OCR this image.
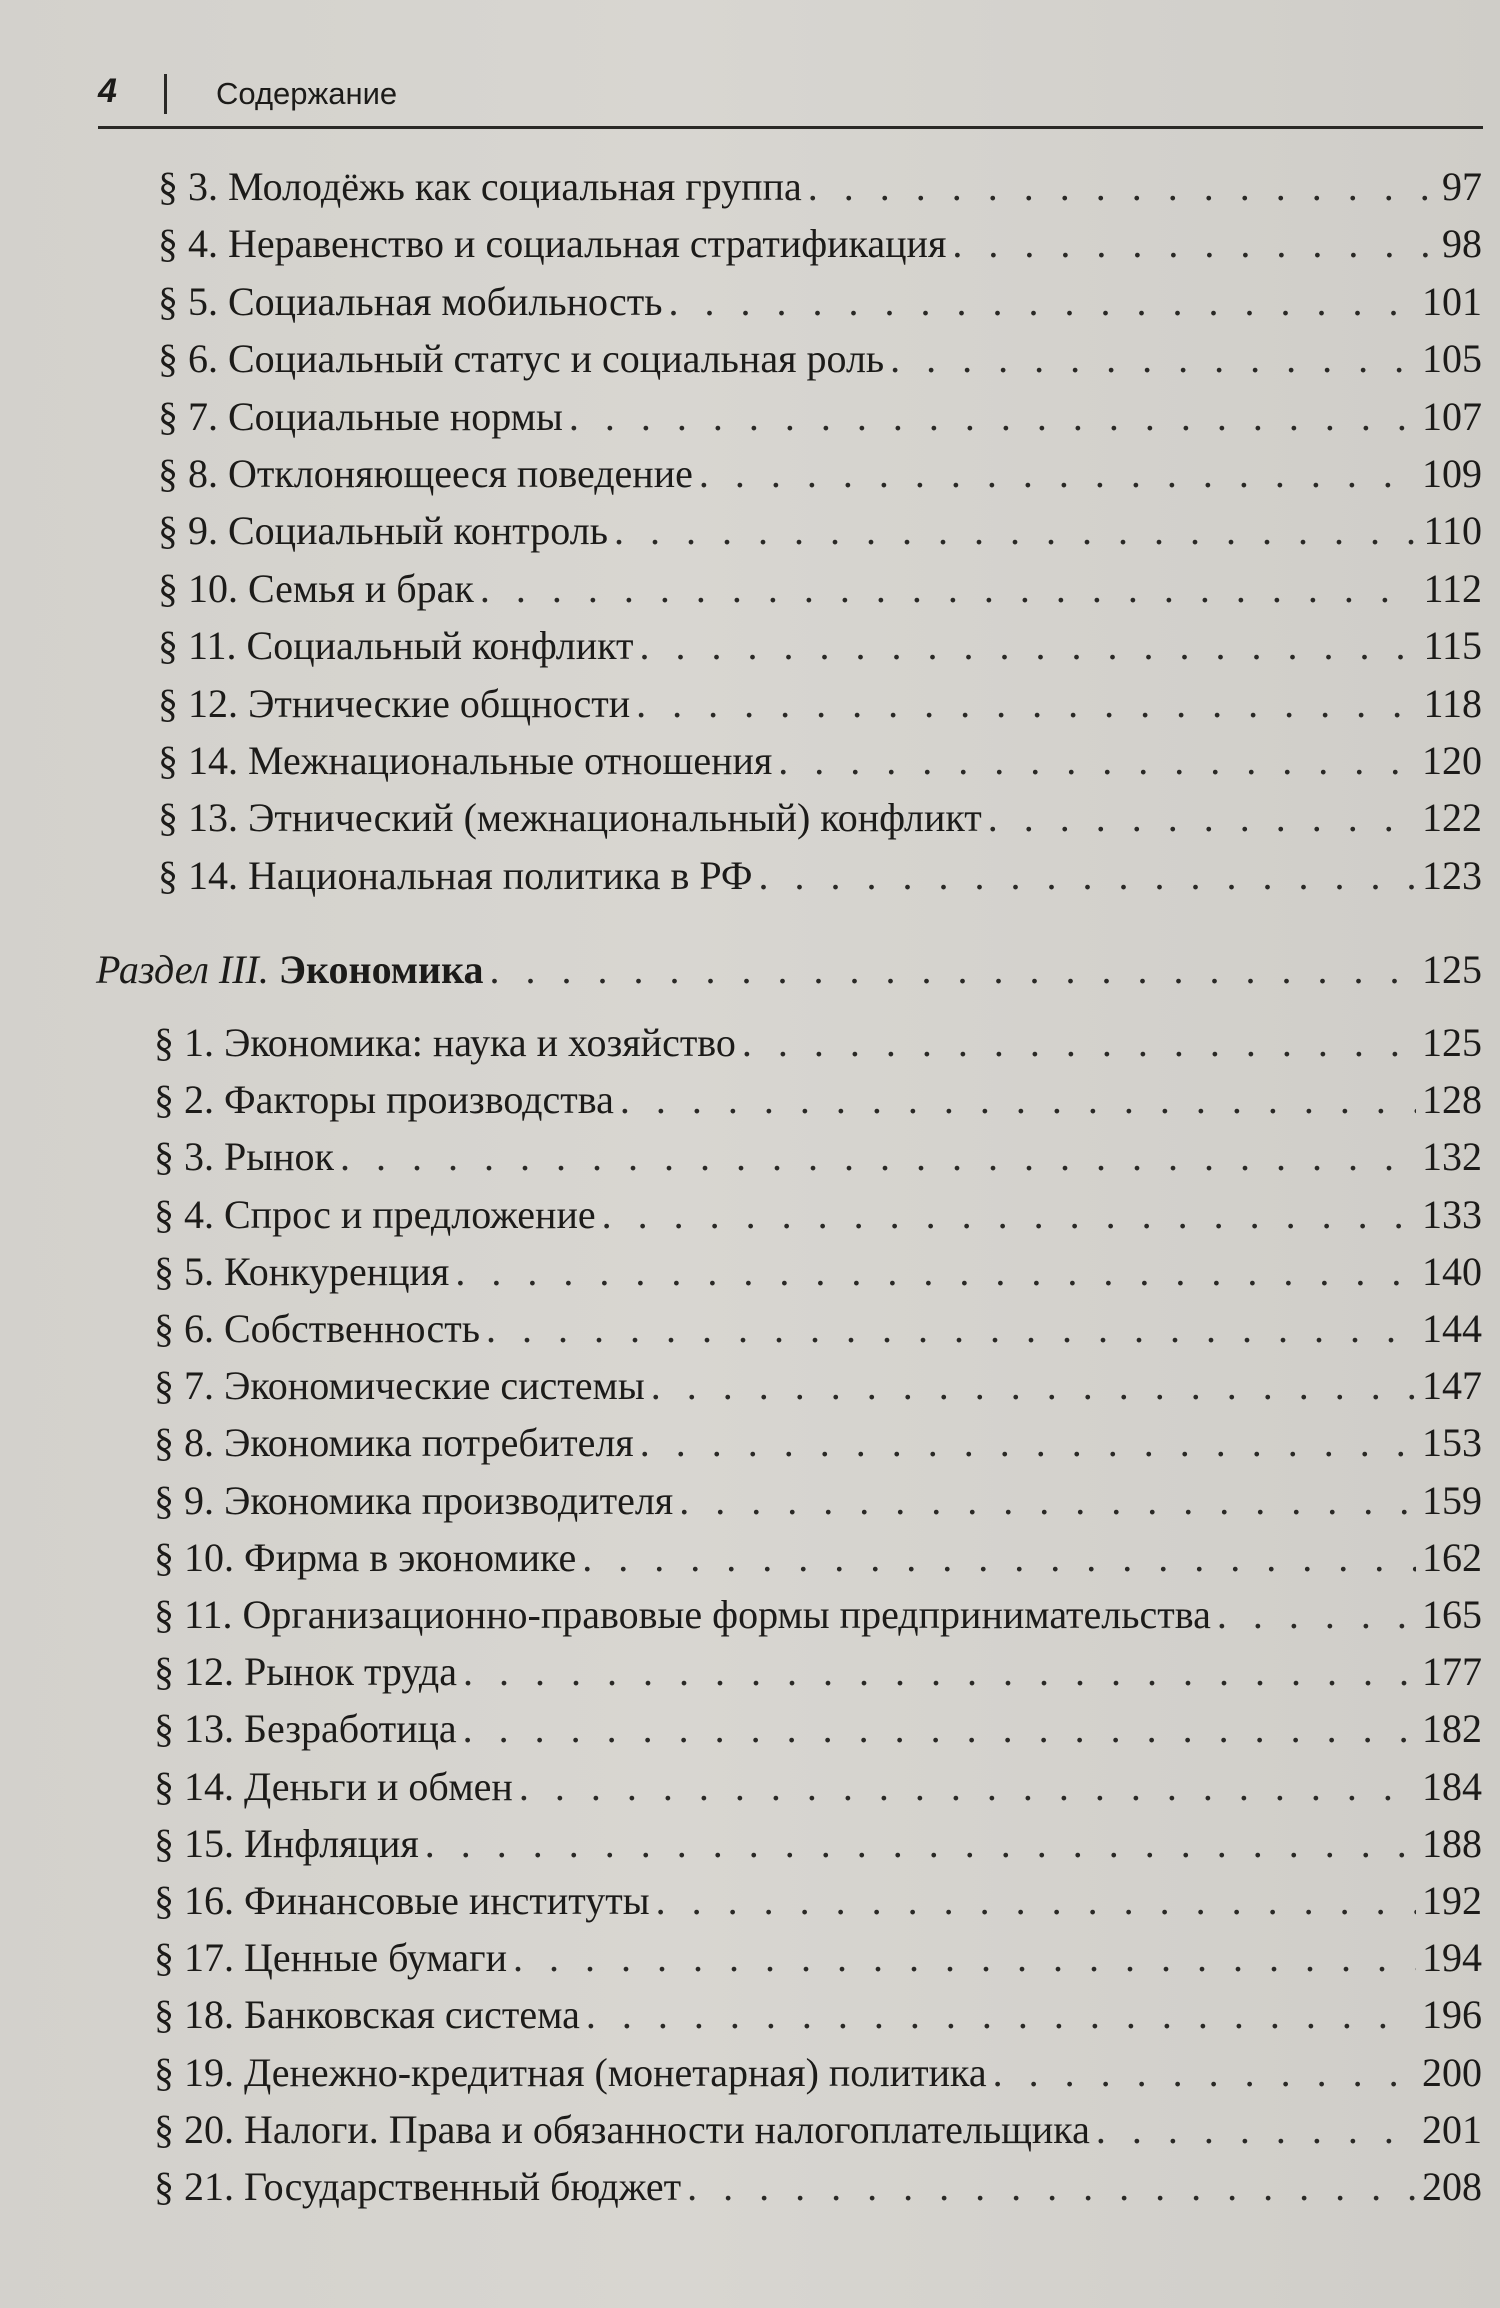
4	Содержание
§ 3. Молодёжь как социальная группа . . .	97
§ 4. Неравенство и социальная стратификация . . .	98
§ 5. Социальная мобильность . . .	101
§ 6. Социальный статус и социальная роль . . .	105
§ 7. Социальные нормы . . .	107
§ 8. Отклоняющееся поведение . . .	109
§ 9. Социальный контроль . . .	110
§ 10. Семья и брак . . .	112
§ 11. Социальный конфликт . . .	115
§ 12. Этнические общности . . .	118
§ 14. Межнациональные отношения . . .	120
§ 13. Этнический (межнациональный) конфликт . . .	122
§ 14. Национальная политика в РФ . . .	123
Раздел III. Экономика . . .	125
§ 1. Экономика: наука и хозяйство . . .	125
§ 2. Факторы производства . . .	128
§ 3. Рынок . . .	132
§ 4. Спрос и предложение . . .	133
§ 5. Конкуренция . . .	140
§ 6. Собственность . . .	144
§ 7. Экономические системы . . .	147
§ 8. Экономика потребителя . . .	153
§ 9. Экономика производителя . . .	159
§ 10. Фирма в экономике . . .	162
§ 11. Организационно-правовые формы предпринимательства . . .	165
§ 12. Рынок труда . . .	177
§ 13. Безработица . . .	182
§ 14. Деньги и обмен . . .	184
§ 15. Инфляция . . .	188
§ 16. Финансовые институты . . .	192
§ 17. Ценные бумаги . . .	194
§ 18. Банковская система . . .	196
§ 19. Денежно-кредитная (монетарная) политика . . .	200
§ 20. Налоги. Права и обязанности налогоплательщика . . .	201
§ 21. Государственный бюджет . . .	208
